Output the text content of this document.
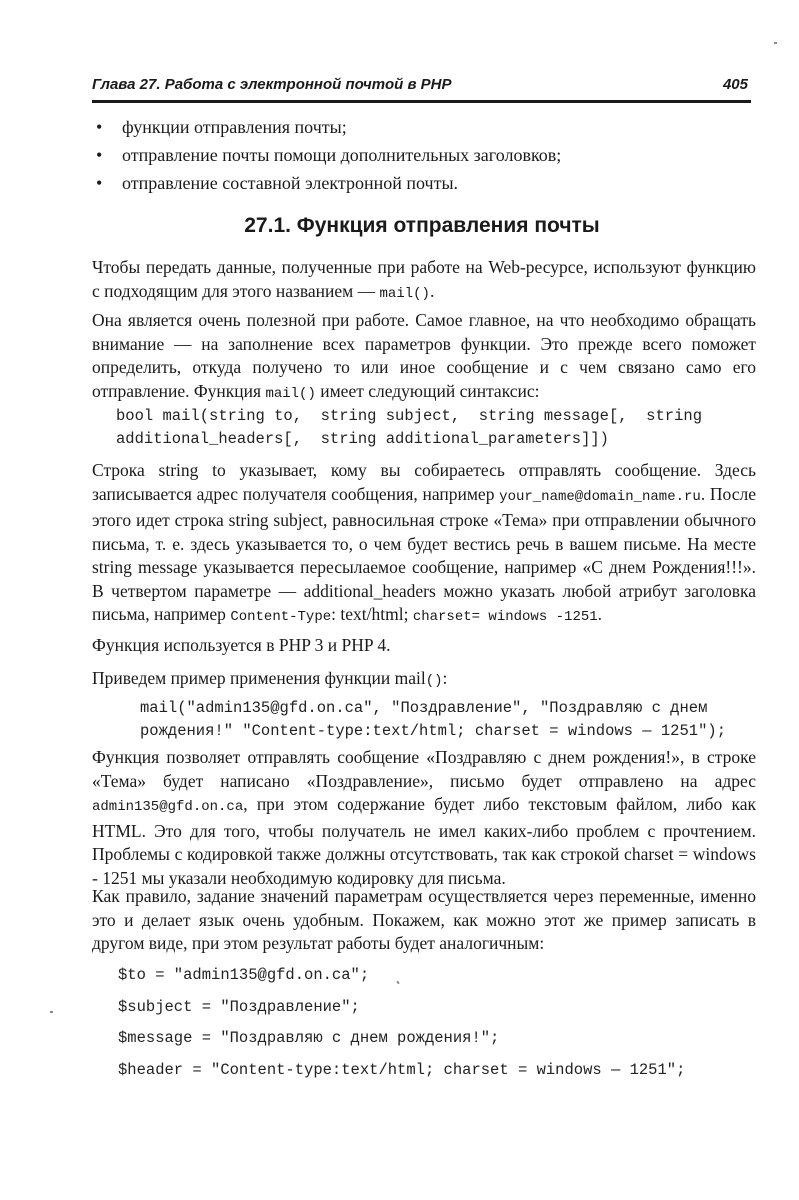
Глава 27. Работа с электронной почтой в PHP	405
• функции отправления почты;
• отправление почты помощи дополнительных заголовков;
• отправление составной электронной почты.
27.1. Функция отправления почты

Чтобы передать данные, полученные при работе на Web-ресурсе, используют функцию с подходящим для этого названием — mail().

Она является очень полезной при работе. Самое главное, на что необходимо обращать внимание — на заполнение всех параметров функции. Это прежде всего поможет определить, откуда получено то или иное сообщение и с чем связано само его отправление. Функция mail() имеет следующий синтаксис:

bool mail(string to,  string subject,  string message[,  string
additional_headers[,  string additional_parameters]])

Строка string to указывает, кому вы собираетесь отправлять сообщение. Здесь записывается адрес получателя сообщения, например your_name@domain_name.ru. После этого идет строка string subject, равносильная строке «Тема» при отправлении обычного письма, т. е. здесь указывается то, о чем будет вестись речь в вашем письме. На месте string message указывается пересылаемое сообщение, например «С днем Рождения!!!». В четвертом параметре — additional_headers можно указать любой атрибут заголовка письма, например Content-Type: text/html; charset= windows -1251.

Функция используется в PHP 3 и PHP 4.

Приведем пример применения функции mail():

mail("admin135@gfd.on.ca", "Поздравление", "Поздравляю с днем
рождения!" "Content-type:text/html; charset = windows — 1251");

Функция позволяет отправлять сообщение «Поздравляю с днем рождения!», в строке «Тема» будет написано «Поздравление», письмо будет отправлено на адрес admin135@gfd.on.ca, при этом содержание будет либо текстовым файлом, либо как HTML. Это для того, чтобы получатель не имел каких-либо проблем с прочтением. Проблемы с кодировкой также должны отсутствовать, так как строкой charset = windows - 1251 мы указали необходимую кодировку для письма.

Как правило, задание значений параметрам осуществляется через переменные, именно это и делает язык очень удобным. Покажем, как можно этот же пример записать в другом виде, при этом результат работы будет аналогичным:

$to = "admin135@gfd.on.ca";
$subject = "Поздравление";
$message = "Поздравляю с днем рождения!";
$header = "Content-type:text/html; charset = windows — 1251";
